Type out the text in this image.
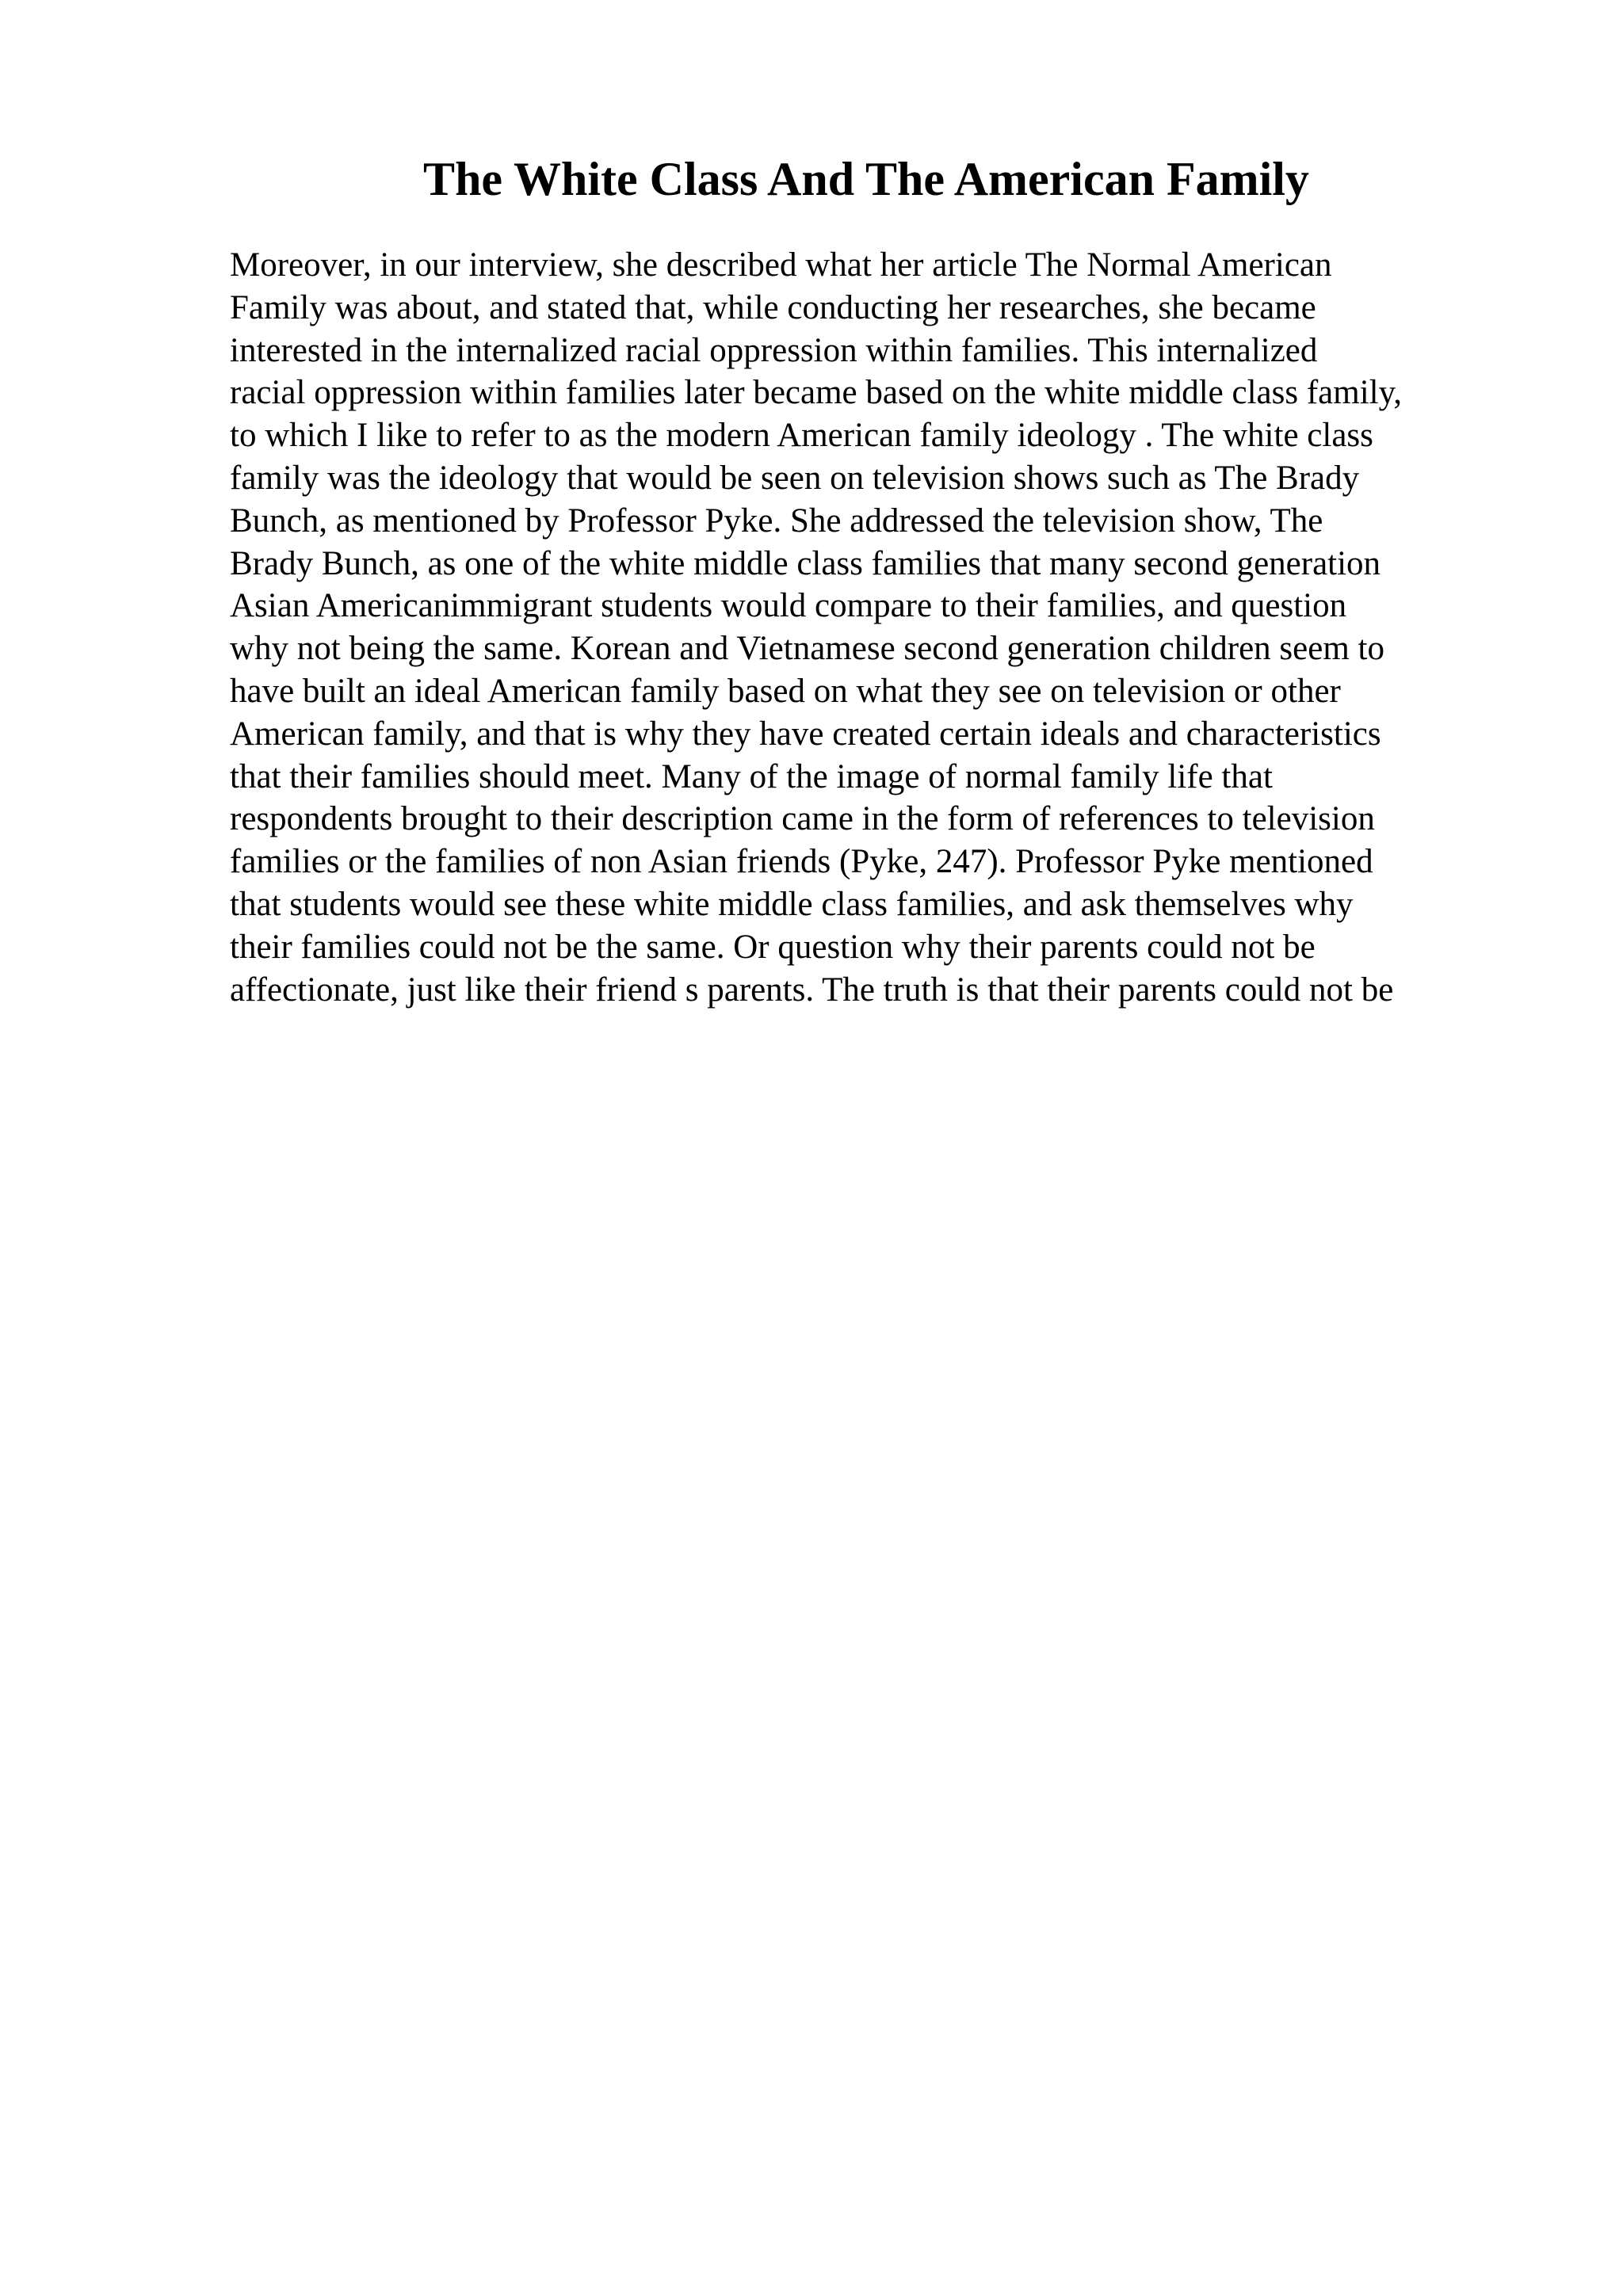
The White Class And The American Family
Moreover, in our interview, she described what her article The Normal American
Family was about, and stated that, while conducting her researches, she became
interested in the internalized racial oppression within families. This internalized
racial oppression within families later became based on the white middle class family,
to which I like to refer to as the modern American family ideology . The white class
family was the ideology that would be seen on television shows such as The Brady
Bunch, as mentioned by Professor Pyke. She addressed the television show, The
Brady Bunch, as one of the white middle class families that many second generation
Asian Americanimmigrant students would compare to their families, and question
why not being the same. Korean and Vietnamese second generation children seem to
have built an ideal American family based on what they see on television or other
American family, and that is why they have created certain ideals and characteristics
that their families should meet. Many of the image of normal family life that
respondents brought to their description came in the form of references to television
families or the families of non Asian friends (Pyke, 247). Professor Pyke mentioned
that students would see these white middle class families, and ask themselves why
their families could not be the same. Or question why their parents could not be
affectionate, just like their friend s parents. The truth is that their parents could not be
